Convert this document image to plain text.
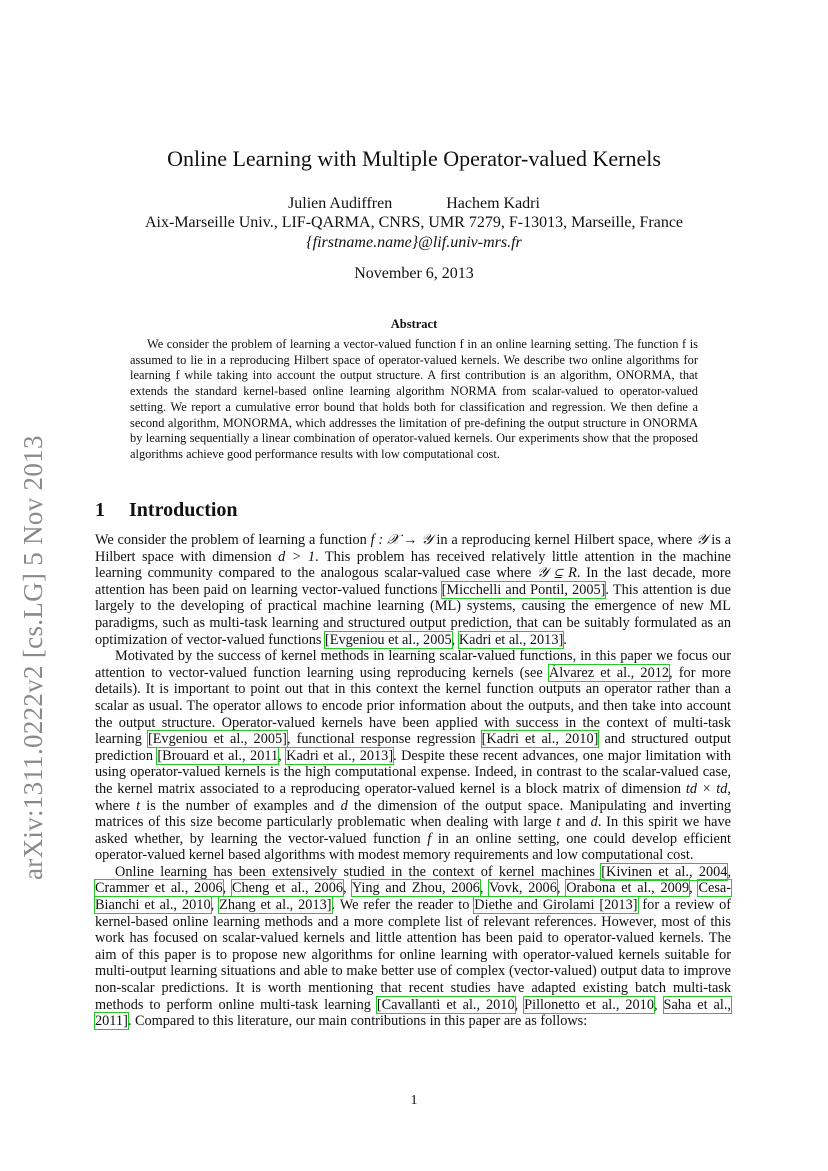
arXiv:1311.0222v2 [cs.LG] 5 Nov 2013
Online Learning with Multiple Operator-valued Kernels
Julien Audiffren	Hachem Kadri
Aix-Marseille Univ., LIF-QARMA, CNRS, UMR 7279, F-13013, Marseille, France
{firstname.name}@lif.univ-mrs.fr
November 6, 2013
Abstract

We consider the problem of learning a vector-valued function f in an online learning setting. The function f is assumed to lie in a reproducing Hilbert space of operator-valued kernels. We describe two online algorithms for learning f while taking into account the output structure. A first contribution is an algorithm, ONORMA, that extends the standard kernel-based online learning algorithm NORMA from scalar-valued to operator-valued setting. We report a cumulative error bound that holds both for classification and regression. We then define a second algorithm, MONORMA, which addresses the limitation of pre-defining the output structure in ONORMA by learning sequentially a linear combination of operator-valued kernels. Our experiments show that the proposed algorithms achieve good performance results with low computational cost.

1 Introduction

We consider the problem of learning a function f : 𝒳 → 𝒴 in a reproducing kernel Hilbert space, where 𝒴 is a Hilbert space with dimension d > 1. This problem has received relatively little attention in the machine learning community compared to the analogous scalar-valued case where 𝒴 ⊆ R. In the last decade, more attention has been paid on learning vector-valued functions [Micchelli and Pontil, 2005]. This attention is due largely to the developing of practical machine learning (ML) systems, causing the emergence of new ML paradigms, such as multi-task learning and structured output prediction, that can be suitably formulated as an optimization of vector-valued functions [Evgeniou et al., 2005, Kadri et al., 2013].

Motivated by the success of kernel methods in learning scalar-valued functions, in this paper we focus our attention to vector-valued function learning using reproducing kernels (see Álvarez et al., 2012, for more details). It is important to point out that in this context the kernel function outputs an operator rather than a scalar as usual. The operator allows to encode prior information about the outputs, and then take into account the output structure. Operator-valued kernels have been applied with success in the context of multi-task learning [Evgeniou et al., 2005], functional response regression [Kadri et al., 2010] and structured output prediction [Brouard et al., 2011, Kadri et al., 2013]. Despite these recent advances, one major limitation with using operator-valued kernels is the high computational expense. Indeed, in contrast to the scalar-valued case, the kernel matrix associated to a reproducing operator-valued kernel is a block matrix of dimension td × td, where t is the number of examples and d the dimension of the output space. Manipulating and inverting matrices of this size become particularly problematic when dealing with large t and d. In this spirit we have asked whether, by learning the vector-valued function f in an online setting, one could develop efficient operator-valued kernel based algorithms with modest memory requirements and low computational cost.

Online learning has been extensively studied in the context of kernel machines [Kivinen et al., 2004, Crammer et al., 2006, Cheng et al., 2006, Ying and Zhou, 2006, Vovk, 2006, Orabona et al., 2009, Cesa-Bianchi et al., 2010, Zhang et al., 2013]. We refer the reader to Diethe and Girolami [2013] for a review of kernel-based online learning methods and a more complete list of relevant references. However, most of this work has focused on scalar-valued kernels and little attention has been paid to operator-valued kernels. The aim of this paper is to propose new algorithms for online learning with operator-valued kernels suitable for multi-output learning situations and able to make better use of complex (vector-valued) output data to improve non-scalar predictions. It is worth mentioning that recent studies have adapted existing batch multi-task methods to perform online multi-task learning [Cavallanti et al., 2010, Pillonetto et al., 2010, Saha et al., 2011]. Compared to this literature, our main contributions in this paper are as follows:

1
